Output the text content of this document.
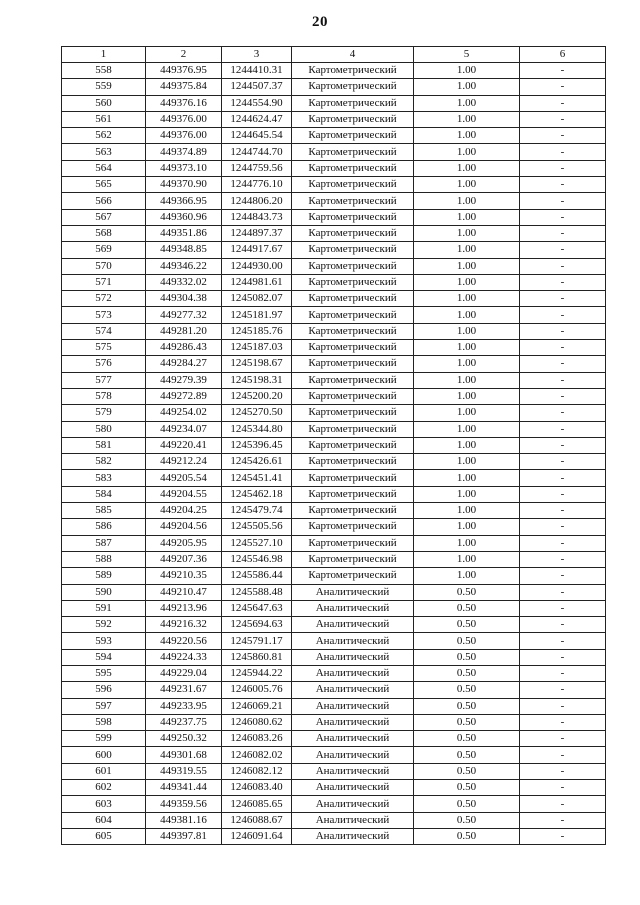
20
1	2	3	4	5	6
558	449376.95	1244410.31	Картометрический	1.00	-
559	449375.84	1244507.37	Картометрический	1.00	-
560	449376.16	1244554.90	Картометрический	1.00	-
561	449376.00	1244624.47	Картометрический	1.00	-
562	449376.00	1244645.54	Картометрический	1.00	-
563	449374.89	1244744.70	Картометрический	1.00	-
564	449373.10	1244759.56	Картометрический	1.00	-
565	449370.90	1244776.10	Картометрический	1.00	-
566	449366.95	1244806.20	Картометрический	1.00	-
567	449360.96	1244843.73	Картометрический	1.00	-
568	449351.86	1244897.37	Картометрический	1.00	-
569	449348.85	1244917.67	Картометрический	1.00	-
570	449346.22	1244930.00	Картометрический	1.00	-
571	449332.02	1244981.61	Картометрический	1.00	-
572	449304.38	1245082.07	Картометрический	1.00	-
573	449277.32	1245181.97	Картометрический	1.00	-
574	449281.20	1245185.76	Картометрический	1.00	-
575	449286.43	1245187.03	Картометрический	1.00	-
576	449284.27	1245198.67	Картометрический	1.00	-
577	449279.39	1245198.31	Картометрический	1.00	-
578	449272.89	1245200.20	Картометрический	1.00	-
579	449254.02	1245270.50	Картометрический	1.00	-
580	449234.07	1245344.80	Картометрический	1.00	-
581	449220.41	1245396.45	Картометрический	1.00	-
582	449212.24	1245426.61	Картометрический	1.00	-
583	449205.54	1245451.41	Картометрический	1.00	-
584	449204.55	1245462.18	Картометрический	1.00	-
585	449204.25	1245479.74	Картометрический	1.00	-
586	449204.56	1245505.56	Картометрический	1.00	-
587	449205.95	1245527.10	Картометрический	1.00	-
588	449207.36	1245546.98	Картометрический	1.00	-
589	449210.35	1245586.44	Картометрический	1.00	-
590	449210.47	1245588.48	Аналитический	0.50	-
591	449213.96	1245647.63	Аналитический	0.50	-
592	449216.32	1245694.63	Аналитический	0.50	-
593	449220.56	1245791.17	Аналитический	0.50	-
594	449224.33	1245860.81	Аналитический	0.50	-
595	449229.04	1245944.22	Аналитический	0.50	-
596	449231.67	1246005.76	Аналитический	0.50	-
597	449233.95	1246069.21	Аналитический	0.50	-
598	449237.75	1246080.62	Аналитический	0.50	-
599	449250.32	1246083.26	Аналитический	0.50	-
600	449301.68	1246082.02	Аналитический	0.50	-
601	449319.55	1246082.12	Аналитический	0.50	-
602	449341.44	1246083.40	Аналитический	0.50	-
603	449359.56	1246085.65	Аналитический	0.50	-
604	449381.16	1246088.67	Аналитический	0.50	-
605	449397.81	1246091.64	Аналитический	0.50	-
